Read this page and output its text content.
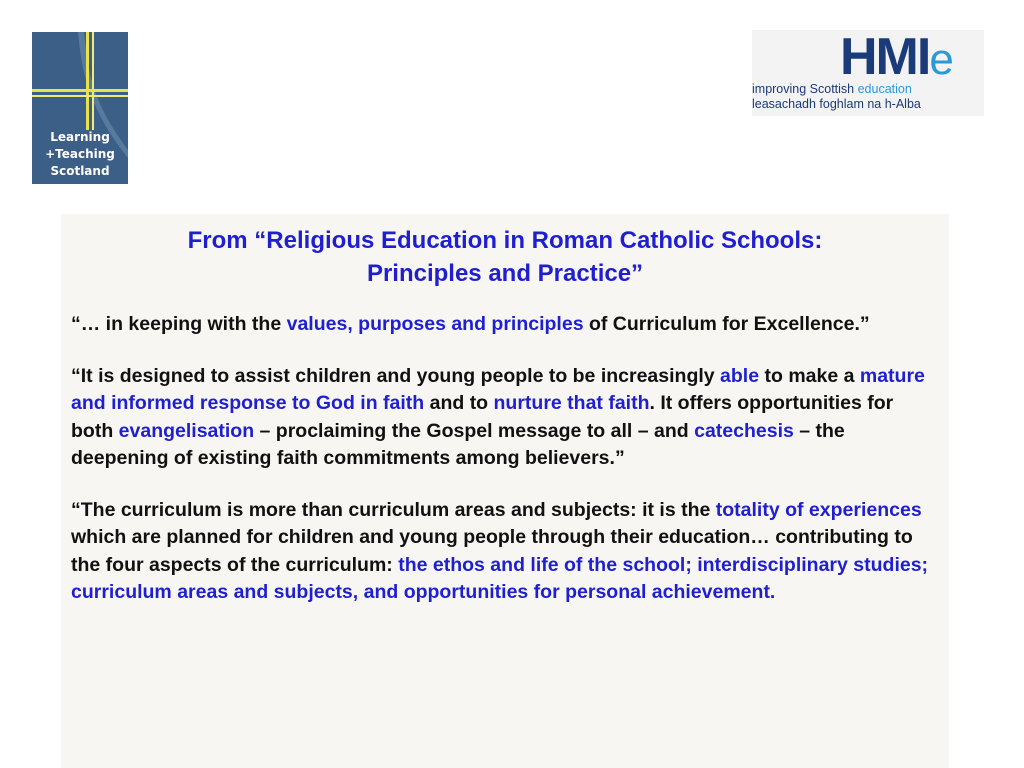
Learning
+Teaching
Scotland
HMIe
improving Scottish education
leasachadh foghlam na h-Alba
From “Religious Education in Roman Catholic Schools:
Principles and Practice”

“… in keeping with the values, purposes and principles of Curriculum for Excellence.”

“It is designed to assist children and young people to be increasingly able to make a mature and informed response to God in faith and to nurture that faith. It offers opportunities for both evangelisation – proclaiming the Gospel message to all – and catechesis – the deepening of existing faith commitments among believers.”

“The curriculum is more than curriculum areas and subjects: it is the totality of experiences which are planned for children and young people through their education… contributing to the four aspects of the curriculum: the ethos and life of the school; interdisciplinary studies; curriculum areas and subjects, and opportunities for personal achievement.
